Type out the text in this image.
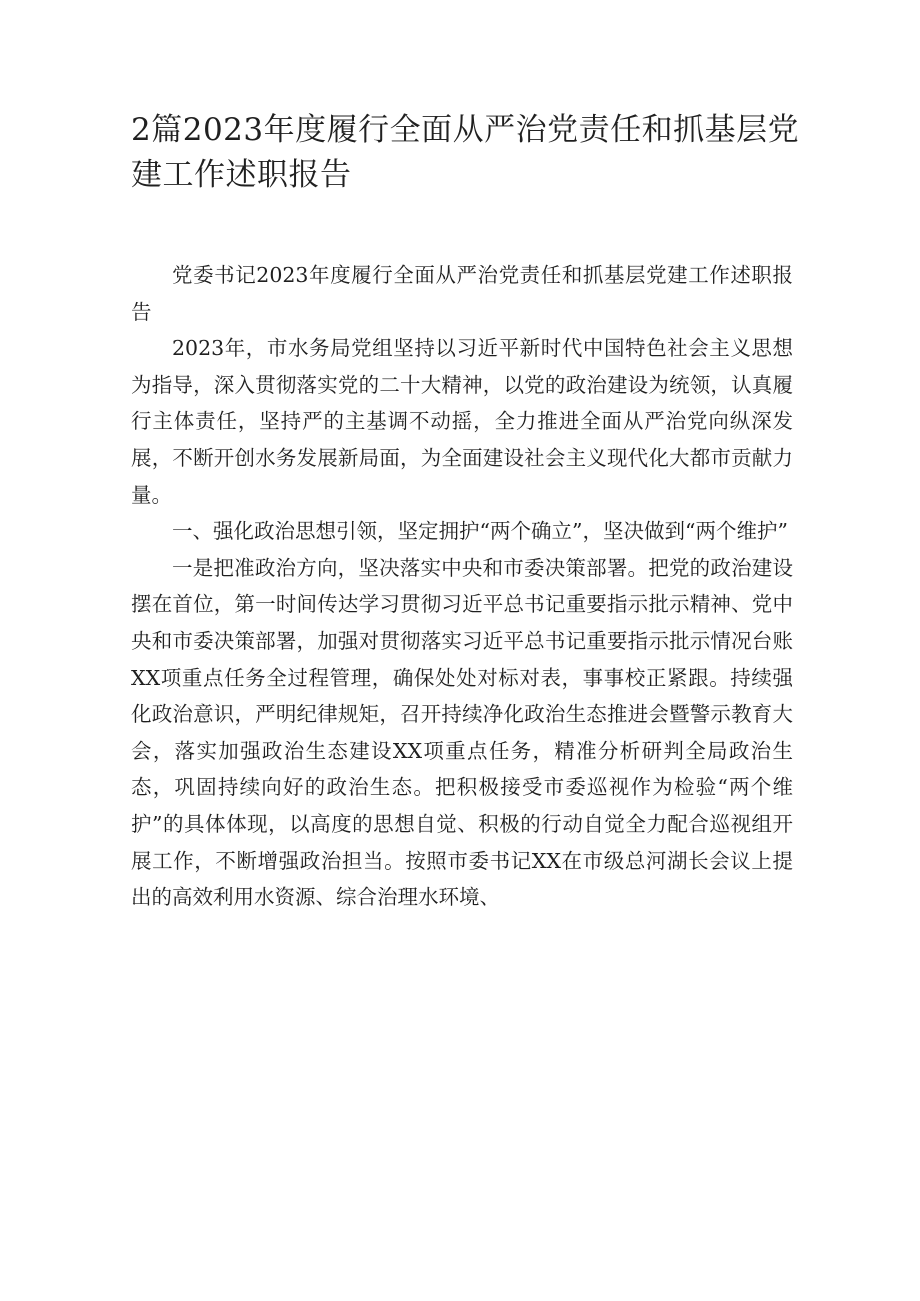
2篇2023年度履行全面从严治党责任和抓基层党建工作述职报告

党委书记2023年度履行全面从严治党责任和抓基层党建工作述职报告

2023年，市水务局党组坚持以习近平新时代中国特色社会主义思想为指导，深入贯彻落实党的二十大精神，以党的政治建设为统领，认真履行主体责任，坚持严的主基调不动摇，全力推进全面从严治党向纵深发展，不断开创水务发展新局面，为全面建设社会主义现代化大都市贡献力量。

一、强化政治思想引领，坚定拥护“两个确立”，坚决做到“两个维护”

一是把准政治方向，坚决落实中央和市委决策部署。把党的政治建设摆在首位，第一时间传达学习贯彻习近平总书记重要指示批示精神、党中央和市委决策部署，加强对贯彻落实习近平总书记重要指示批示情况台账XX项重点任务全过程管理，确保处处对标对表，事事校正紧跟。持续强化政治意识，严明纪律规矩，召开持续净化政治生态推进会暨警示教育大会，落实加强政治生态建设XX项重点任务，精准分析研判全局政治生态，巩固持续向好的政治生态。把积极接受市委巡视作为检验“两个维护”的具体体现，以高度的思想自觉、积极的行动自觉全力配合巡视组开展工作，不断增强政治担当。按照市委书记XX在市级总河湖长会议上提出的高效利用水资源、综合治理水环境、
